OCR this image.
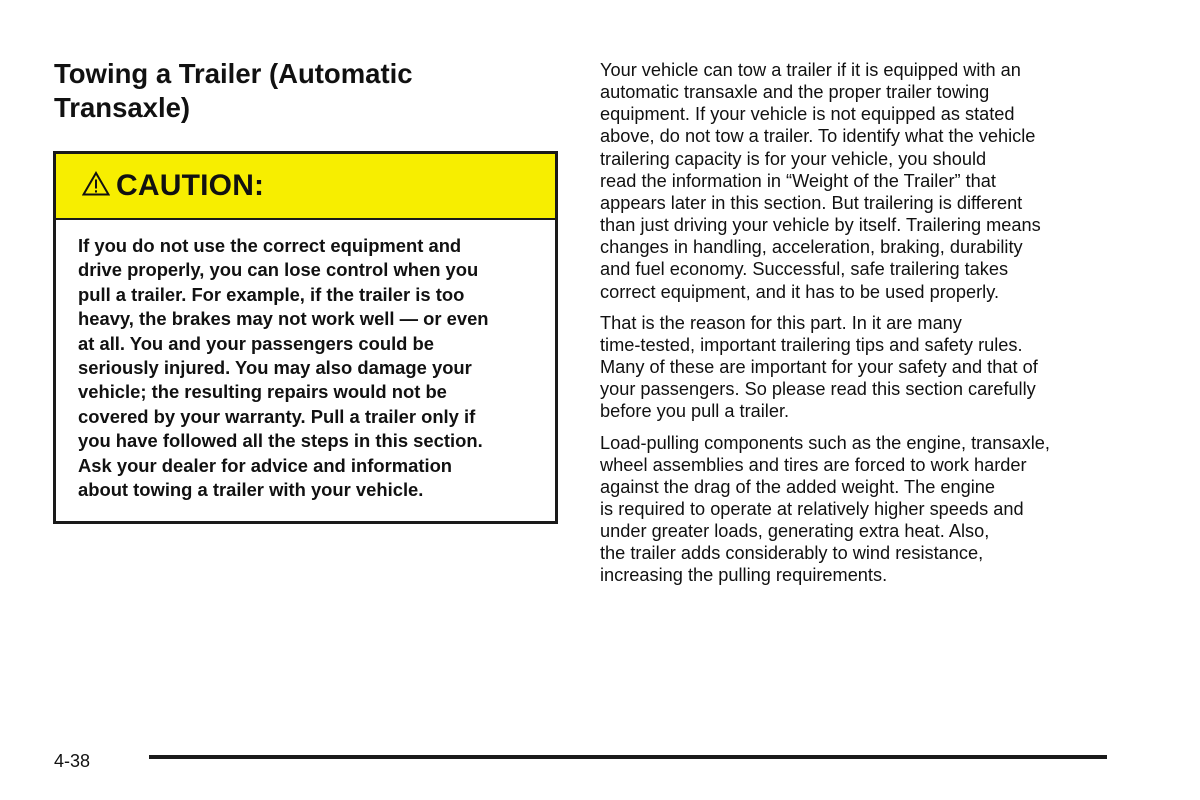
Towing a Trailer (Automatic
Transaxle)
CAUTION:
If you do not use the correct equipment and
drive properly, you can lose control when you
pull a trailer. For example, if the trailer is too
heavy, the brakes may not work well — or even
at all. You and your passengers could be
seriously injured. You may also damage your
vehicle; the resulting repairs would not be
covered by your warranty. Pull a trailer only if
you have followed all the steps in this section.
Ask your dealer for advice and information
about towing a trailer with your vehicle.

Your vehicle can tow a trailer if it is equipped with an
automatic transaxle and the proper trailer towing
equipment. If your vehicle is not equipped as stated
above, do not tow a trailer. To identify what the vehicle
trailering capacity is for your vehicle, you should
read the information in “Weight of the Trailer” that
appears later in this section. But trailering is different
than just driving your vehicle by itself. Trailering means
changes in handling, acceleration, braking, durability
and fuel economy. Successful, safe trailering takes
correct equipment, and it has to be used properly.

That is the reason for this part. In it are many
time-tested, important trailering tips and safety rules.
Many of these are important for your safety and that of
your passengers. So please read this section carefully
before you pull a trailer.

Load-pulling components such as the engine, transaxle,
wheel assemblies and tires are forced to work harder
against the drag of the added weight. The engine
is required to operate at relatively higher speeds and
under greater loads, generating extra heat. Also,
the trailer adds considerably to wind resistance,
increasing the pulling requirements.

4-38
